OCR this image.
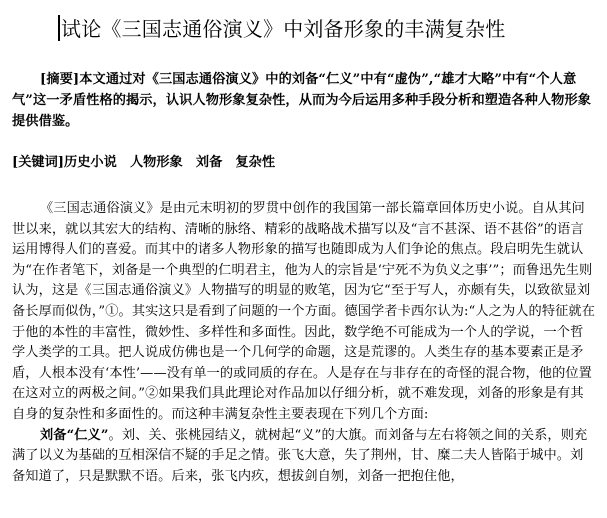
试论《三国志通俗演义》中刘备形象的丰满复杂性
[摘要]本文通过对《三国志通俗演义》中的刘备“仁义”中有“虚伪”,“雄才大略”中有“个人意气”这一矛盾性格的揭示，认识人物形象复杂性，从而为今后运用多种手段分析和塑造各种人物形象提供借鉴。
[关键词]历史小说　人物形象　刘备　复杂性

《三国志通俗演义》是由元末明初的罗贯中创作的我国第一部长篇章回体历史小说。自从其问世以来，就以其宏大的结构、清晰的脉络、精彩的战略战术描写以及“言不甚深、语不甚俗”的语言运用博得人们的喜爱。而其中的诸多人物形象的描写也随即成为人们争论的焦点。段启明先生就认为“在作者笔下，刘备是一个典型的仁明君主，他为人的宗旨是‘宁死不为负义之事’”；而鲁迅先生则认为，这是《三国志通俗演义》人物描写的明显的败笔，因为它“至于写人，亦颇有失，以致欲显刘备长厚而似伪，”①。其实这只是看到了问题的一个方面。德国学者卡西尔认为:“人之为人的特征就在于他的本性的丰富性，微妙性、多样性和多面性。因此，数学绝不可能成为一个人的学说，一个哲学人类学的工具。把人说成仿佛也是一个几何学的命题，这是荒谬的。人类生存的基本要素正是矛盾，人根本没有‘本性’——没有单一的或同质的存在。人是存在与非存在的奇怪的混合物，他的位置在这对立的两极之间。”②如果我们具此理论对作品加以仔细分析，就不难发现，刘备的形象是有其自身的复杂性和多面性的。而这种丰满复杂性主要表现在下列几个方面:

刘备“仁义”。刘、关、张桃园结义，就树起“义”的大旗。而刘备与左右将领之间的关系，则充满了以义为基础的互相深信不疑的手足之情。张飞大意，失了荆州，甘、糜二夫人皆陷于城中。刘备知道了，只是默默不语。后来，张飞内疚，想拔剑自刎，刘备一把抱住他，
